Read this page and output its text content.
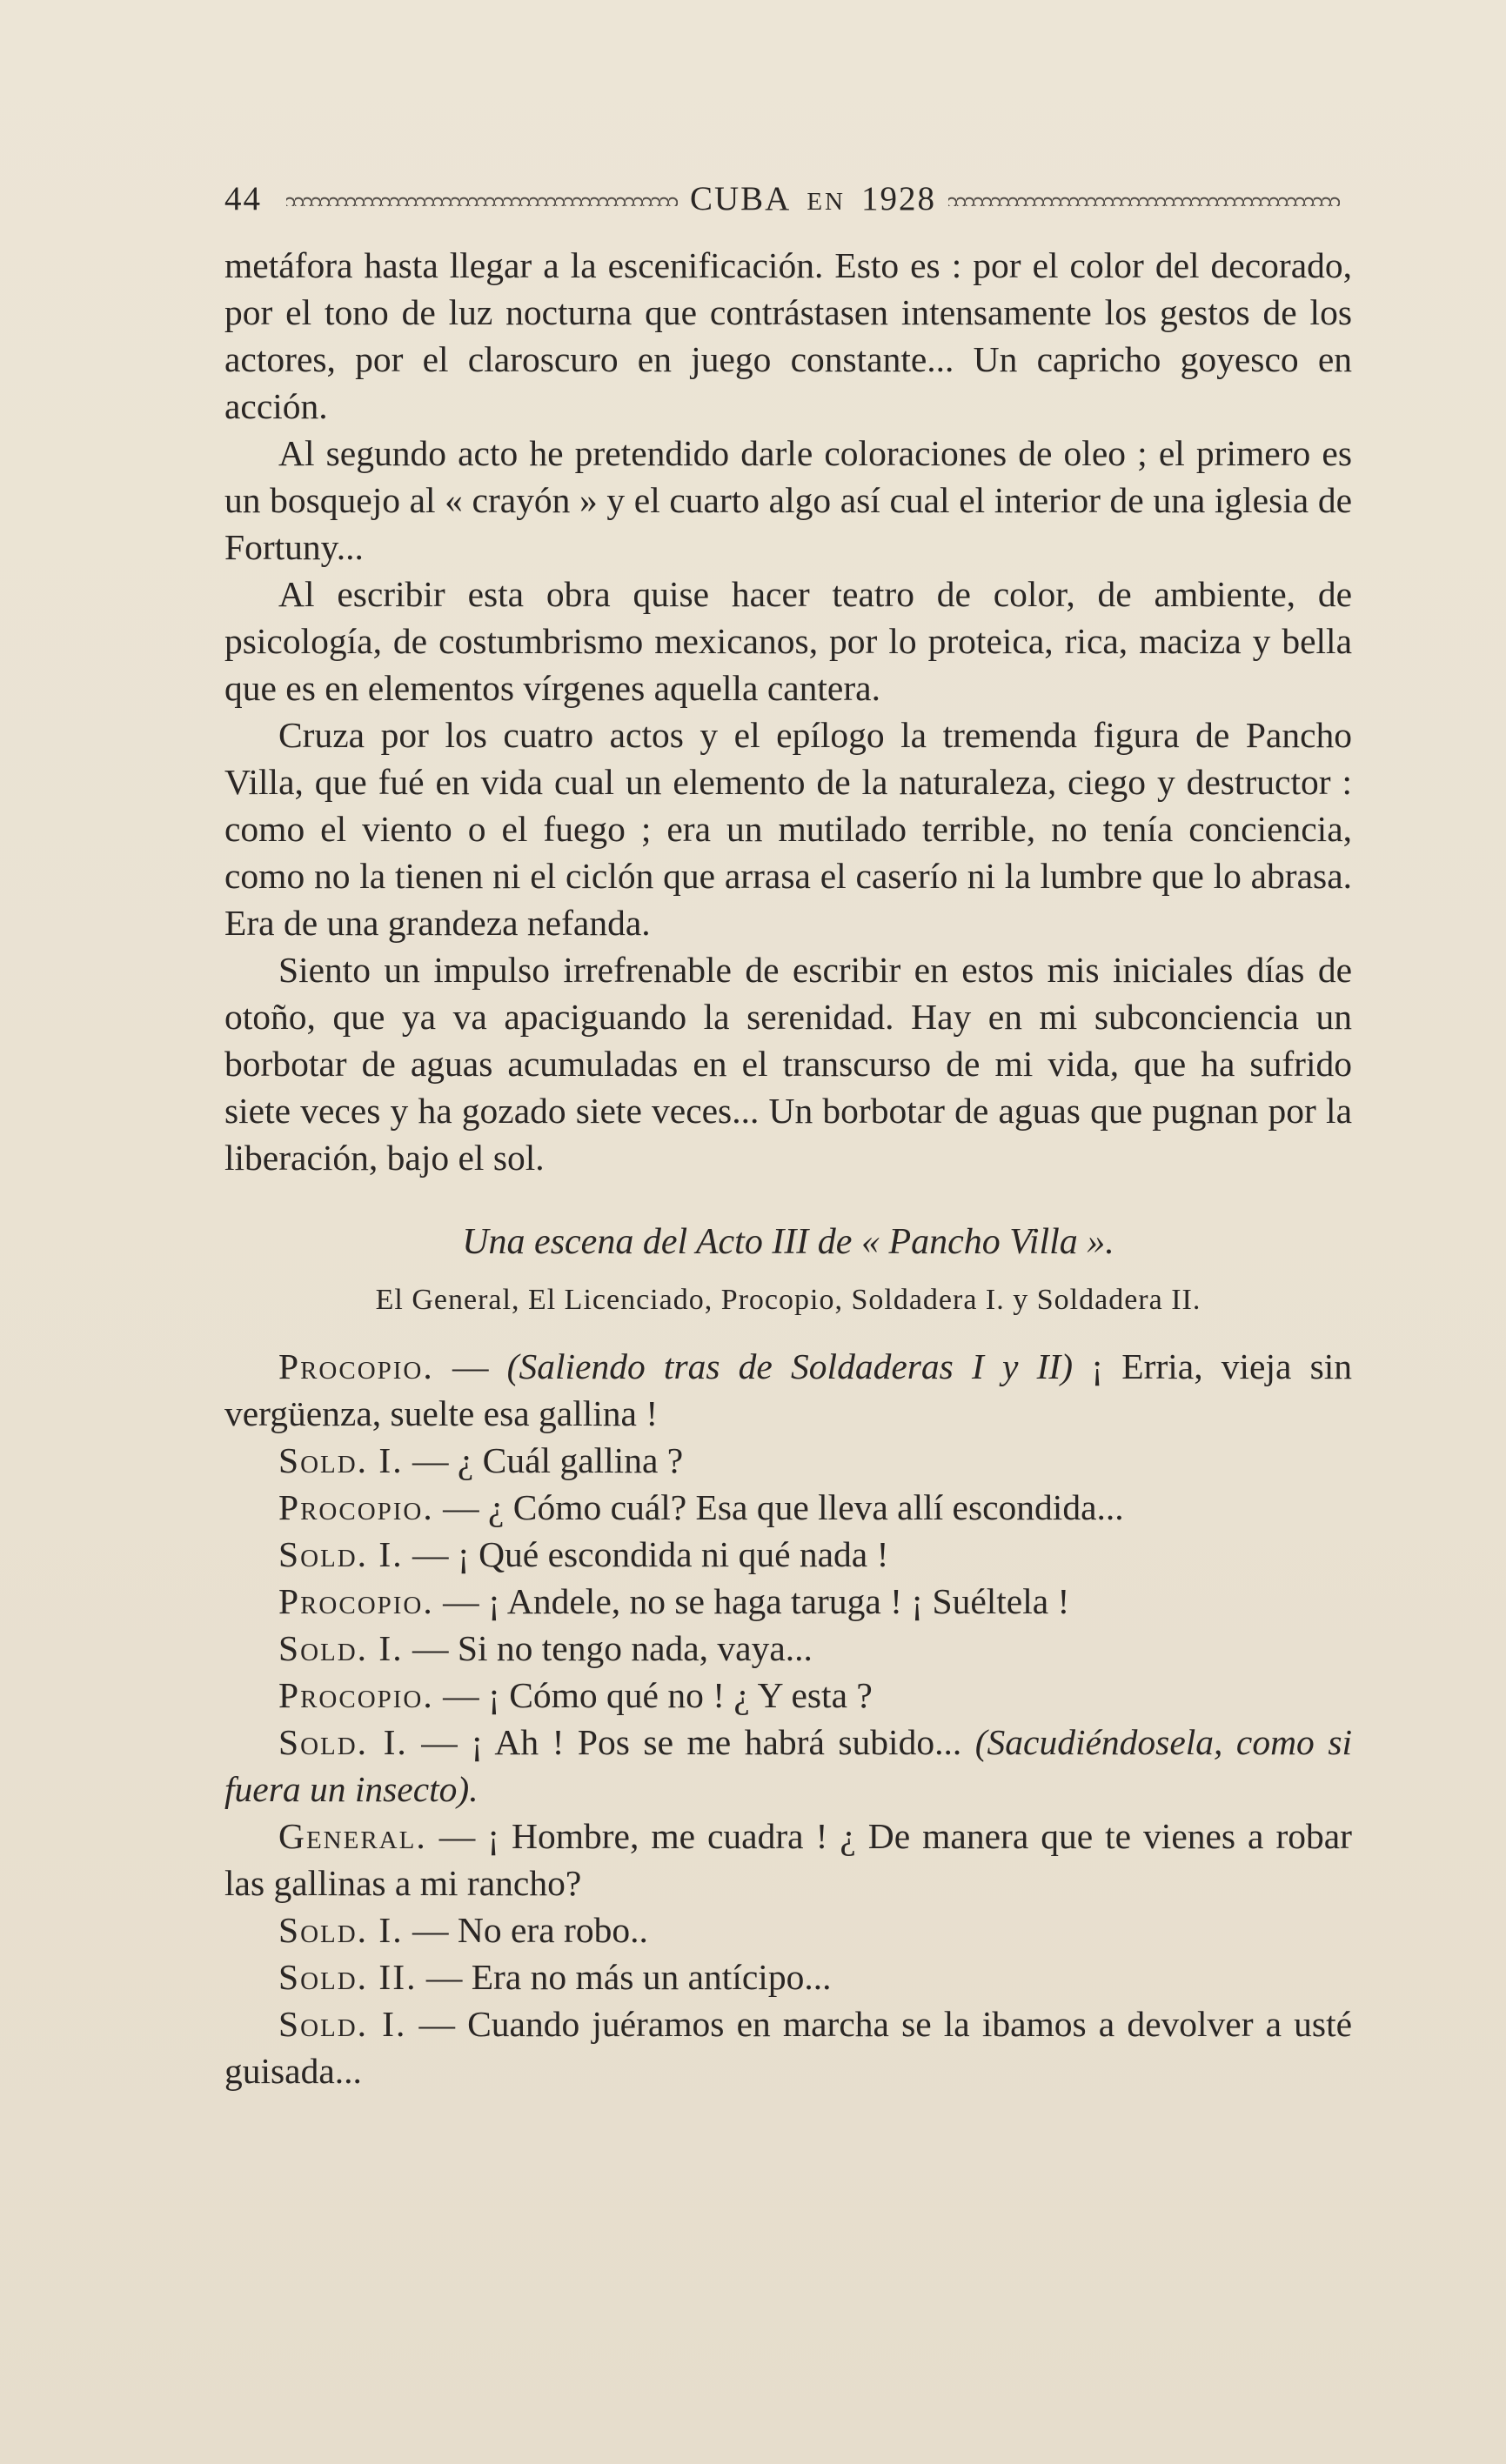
44	CUBA EN 1928

metáfora hasta llegar a la escenificación. Esto es : por el color del decorado, por el tono de luz nocturna que contrástasen intensamente los gestos de los actores, por el claroscuro en juego constante... Un capricho goyesco en acción.

Al segundo acto he pretendido darle coloraciones de oleo ; el primero es un bosquejo al « crayón » y el cuarto algo así cual el interior de una iglesia de Fortuny...

Al escribir esta obra quise hacer teatro de color, de ambiente, de psicología, de costumbrismo mexicanos, por lo proteica, rica, maciza y bella que es en elementos vírgenes aquella cantera.

Cruza por los cuatro actos y el epílogo la tremenda figura de Pancho Villa, que fué en vida cual un elemento de la naturaleza, ciego y destructor : como el viento o el fuego ; era un mutilado terrible, no tenía conciencia, como no la tienen ni el ciclón que arrasa el caserío ni la lumbre que lo abrasa. Era de una grandeza nefanda.

Siento un impulso irrefrenable de escribir en estos mis iniciales días de otoño, que ya va apaciguando la serenidad. Hay en mi subconciencia un borbotar de aguas acumuladas en el transcurso de mi vida, que ha sufrido siete veces y ha gozado siete veces... Un borbotar de aguas que pugnan por la liberación, bajo el sol.

Una escena del Acto III de « Pancho Villa ».
El General, El Licenciado, Procopio, Soldadera I. y Soldadera II.
Procopio. — (Saliendo tras de Soldaderas I y II) ¡ Erria, vieja sin vergüenza, suelte esa gallina !
Sold. I. — ¿ Cuál gallina ?
Procopio. — ¿ Cómo cuál? Esa que lleva allí escondida...
Sold. I. — ¡ Qué escondida ni qué nada !
Procopio. — ¡ Andele, no se haga taruga ! ¡ Suéltela !
Sold. I. — Si no tengo nada, vaya...
Procopio. — ¡ Cómo qué no ! ¿ Y esta ?
Sold. I. — ¡ Ah ! Pos se me habrá subido... (Sacudiéndosela, como si fuera un insecto).
General. — ¡ Hombre, me cuadra ! ¿ De manera que te vienes a robar las gallinas a mi rancho?
Sold. I. — No era robo..
Sold. II. — Era no más un antícipo...
Sold. I. — Cuando juéramos en marcha se la ibamos a devolver a usté guisada...
